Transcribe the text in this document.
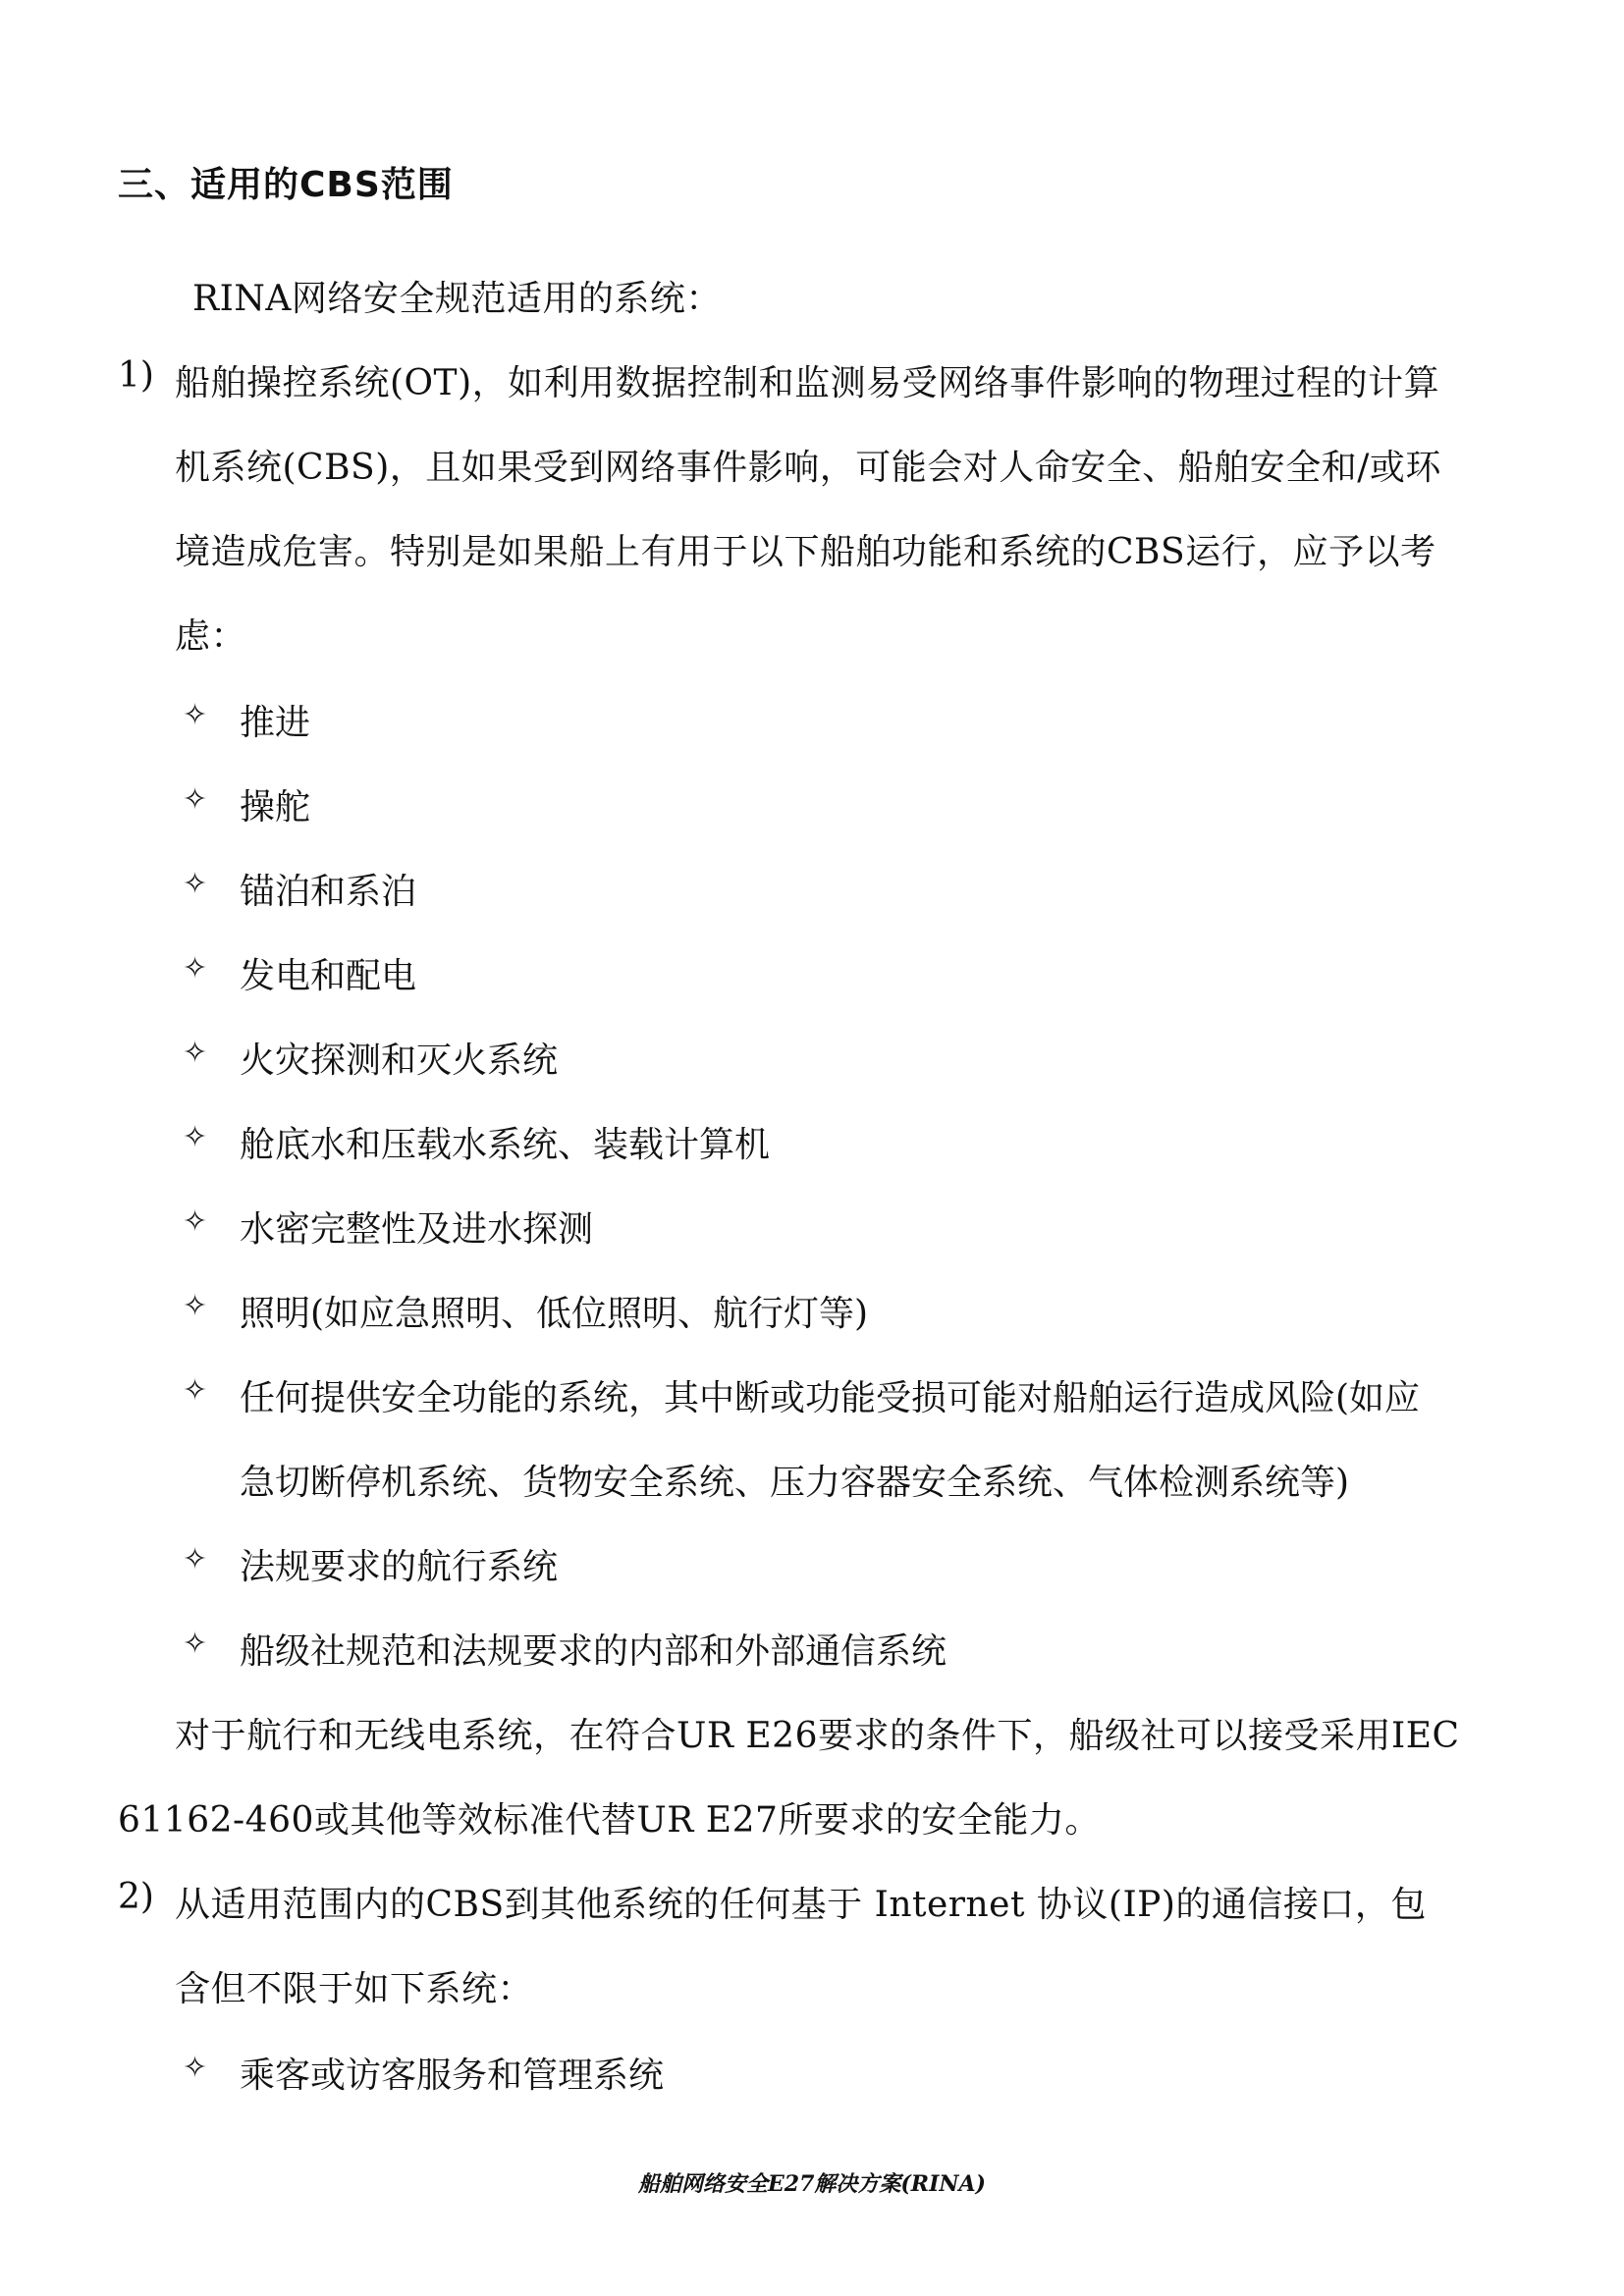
三、适用的CBS范围
RINA网络安全规范适用的系统：
1) 船舶操控系统(OT)，如利用数据控制和监测易受网络事件影响的物理过程的计算
机系统(CBS)，且如果受到网络事件影响，可能会对人命安全、船舶安全和/或环
境造成危害。特别是如果船上有用于以下船舶功能和系统的CBS运行，应予以考
虑：
✧ 推进
✧ 操舵
✧ 锚泊和系泊
✧ 发电和配电
✧ 火灾探测和灭火系统
✧ 舱底水和压载水系统、装载计算机
✧ 水密完整性及进水探测
✧ 照明(如应急照明、低位照明、航行灯等)
✧ 任何提供安全功能的系统，其中断或功能受损可能对船舶运行造成风险(如应
急切断停机系统、货物安全系统、压力容器安全系统、气体检测系统等)
✧ 法规要求的航行系统
✧ 船级社规范和法规要求的内部和外部通信系统
对于航行和无线电系统，在符合UR E26要求的条件下，船级社可以接受采用IEC
61162-460或其他等效标准代替UR E27所要求的安全能力。
2) 从适用范围内的CBS到其他系统的任何基于 Internet 协议(IP)的通信接口，包
含但不限于如下系统：
✧ 乘客或访客服务和管理系统
船舶网络安全E27解决方案(RINA)
